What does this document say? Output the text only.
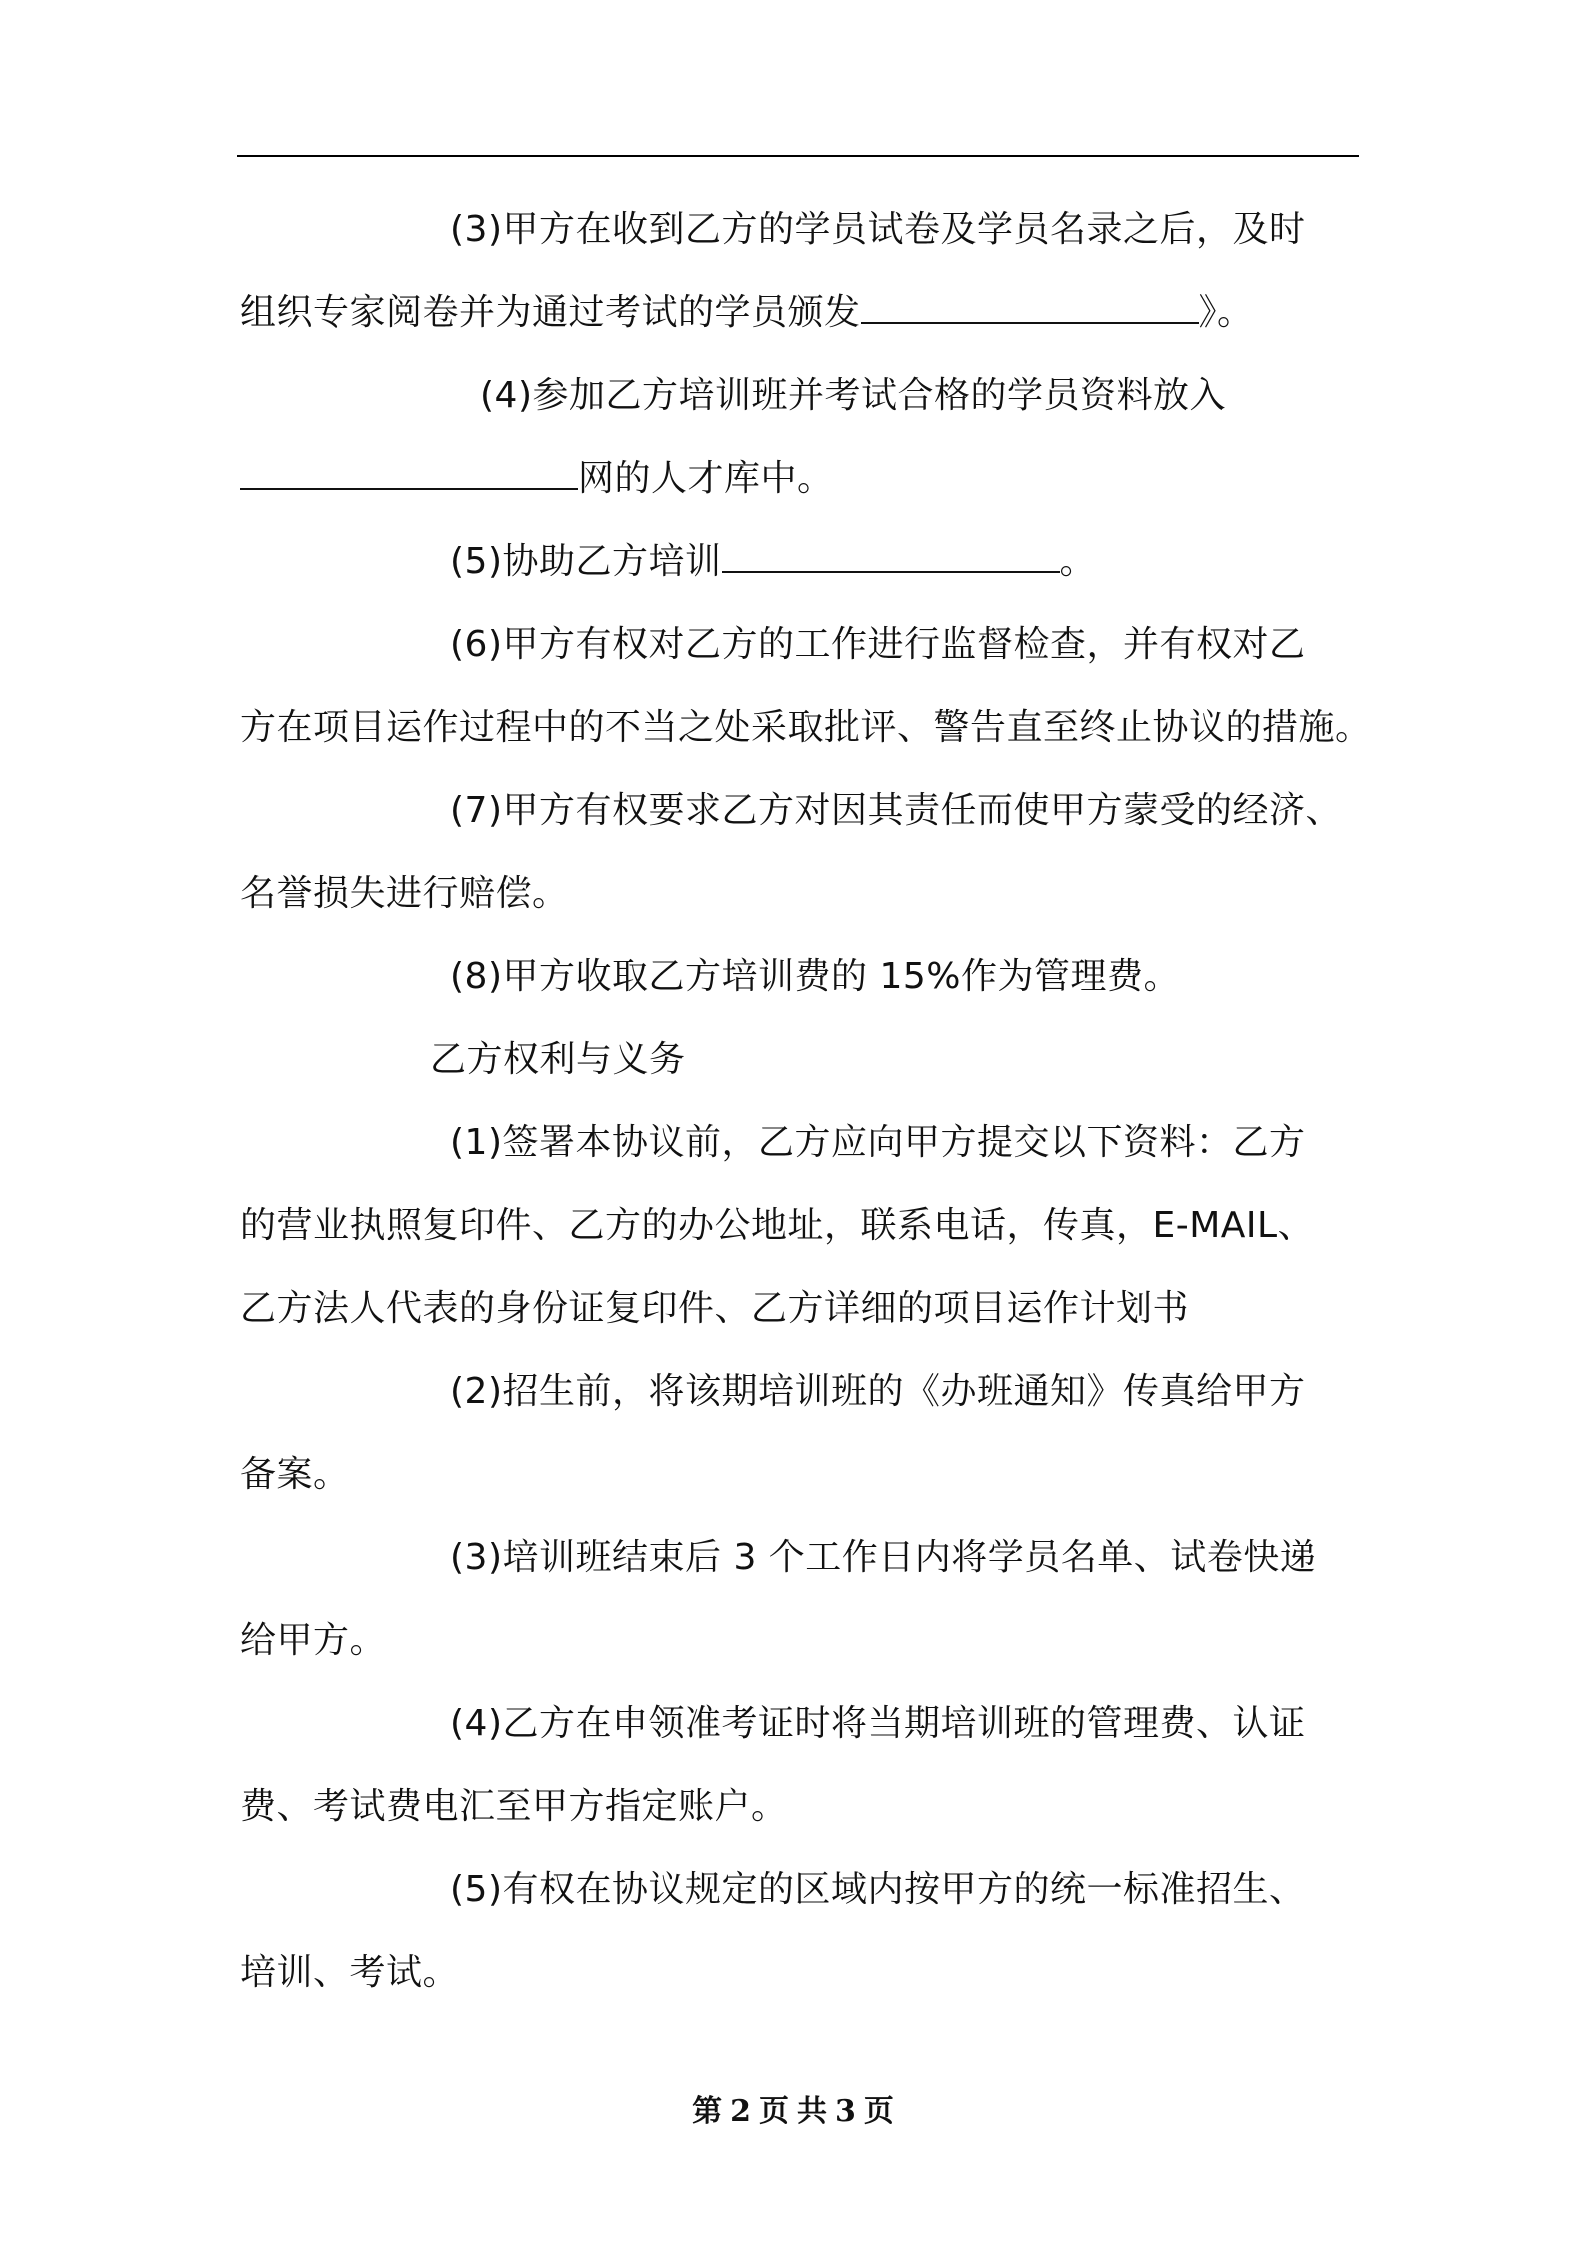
(3)甲方在收到乙方的学员试卷及学员名录之后，及时

组织专家阅卷并为通过考试的学员颁发	》。

(4)参加乙方培训班并考试合格的学员资料放入

网的人才库中。

(5)协助乙方培训	。

(6)甲方有权对乙方的工作进行监督检查，并有权对乙

方在项目运作过程中的不当之处采取批评、警告直至终止协议的措施。

(7)甲方有权要求乙方对因其责任而使甲方蒙受的经济、

名誉损失进行赔偿。

(8)甲方收取乙方培训费的 15%作为管理费。

乙方权利与义务

(1)签署本协议前，乙方应向甲方提交以下资料：乙方

的营业执照复印件、乙方的办公地址，联系电话，传真，E-MAIL、

乙方法人代表的身份证复印件、乙方详细的项目运作计划书

(2)招生前，将该期培训班的《办班通知》传真给甲方

备案。

(3)培训班结束后 3 个工作日内将学员名单、试卷快递

给甲方。

(4)乙方在申领准考证时将当期培训班的管理费、认证

费、考试费电汇至甲方指定账户。

(5)有权在协议规定的区域内按甲方的统一标准招生、

培训、考试。

第 2 页 共 3 页
